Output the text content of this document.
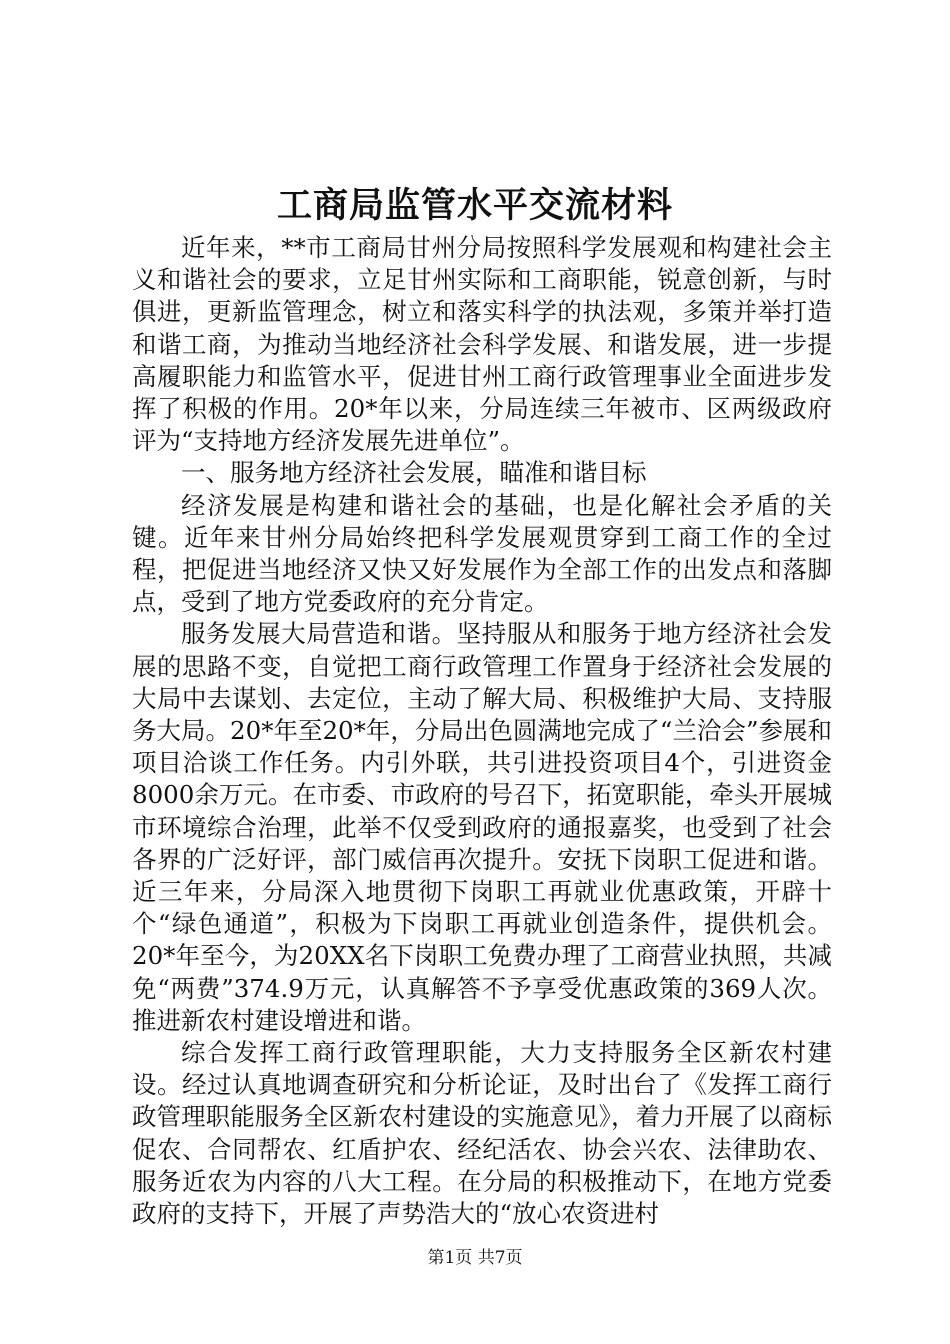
工商局监管水平交流材料

近年来，**市工商局甘州分局按照科学发展观和构建社会主义和谐社会的要求，立足甘州实际和工商职能，锐意创新，与时俱进，更新监管理念，树立和落实科学的执法观，多策并举打造和谐工商，为推动当地经济社会科学发展、和谐发展，进一步提高履职能力和监管水平，促进甘州工商行政管理事业全面进步发挥了积极的作用。20*年以来，分局连续三年被市、区两级政府评为“支持地方经济发展先进单位”。

一、服务地方经济社会发展，瞄准和谐目标

经济发展是构建和谐社会的基础，也是化解社会矛盾的关键。近年来甘州分局始终把科学发展观贯穿到工商工作的全过程，把促进当地经济又快又好发展作为全部工作的出发点和落脚点，受到了地方党委政府的充分肯定。

服务发展大局营造和谐。坚持服从和服务于地方经济社会发展的思路不变，自觉把工商行政管理工作置身于经济社会发展的大局中去谋划、去定位，主动了解大局、积极维护大局、支持服务大局。20*年至20*年，分局出色圆满地完成了“兰洽会”参展和项目洽谈工作任务。内引外联，共引进投资项目4个，引进资金8000余万元。在市委、市政府的号召下，拓宽职能，牵头开展城市环境综合治理，此举不仅受到政府的通报嘉奖，也受到了社会各界的广泛好评，部门威信再次提升。安抚下岗职工促进和谐。近三年来，分局深入地贯彻下岗职工再就业优惠政策，开辟十个“绿色通道”，积极为下岗职工再就业创造条件，提供机会。20*年至今，为20XX名下岗职工免费办理了工商营业执照，共减免“两费”374.9万元，认真解答不予享受优惠政策的369人次。推进新农村建设增进和谐。

综合发挥工商行政管理职能，大力支持服务全区新农村建设。经过认真地调查研究和分析论证，及时出台了《发挥工商行政管理职能服务全区新农村建设的实施意见》，着力开展了以商标促农、合同帮农、红盾护农、经纪活农、协会兴农、法律助农、服务近农为内容的八大工程。在分局的积极推动下，在地方党委政府的支持下，开展了声势浩大的“放心农资进村

第1页 共7页
